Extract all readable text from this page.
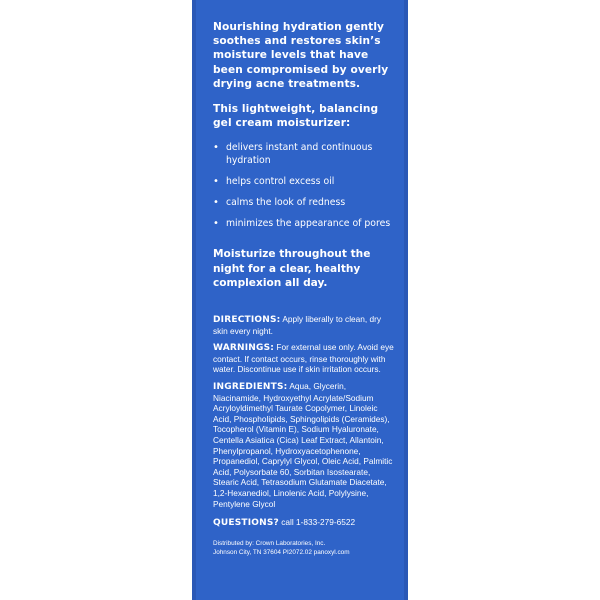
Nourishing hydration gently soothes and restores skin’s moisture levels that have been compromised by overly drying acne treatments.

This lightweight, balancing gel cream moisturizer:

• delivers instant and continuous hydration
• helps control excess oil
• calms the look of redness
• minimizes the appearance of pores

Moisturize throughout the night for a clear, healthy complexion all day.

DIRECTIONS: Apply liberally to clean, dry skin every night.

WARNINGS: For external use only. Avoid eye contact. If contact occurs, rinse thoroughly with water. Discontinue use if skin irritation occurs.

INGREDIENTS: Aqua, Glycerin, Niacinamide, Hydroxyethyl Acrylate/Sodium Acryloyldimethyl Taurate Copolymer, Linoleic Acid, Phospholipids, Sphingolipids (Ceramides), Tocopherol (Vitamin E), Sodium Hyaluronate, Centella Asiatica (Cica) Leaf Extract, Allantoin, Phenylpropanol, Hydroxyacetophenone, Propanediol, Caprylyl Glycol, Oleic Acid, Palmitic Acid, Polysorbate 60, Sorbitan Isostearate, Stearic Acid, Tetrasodium Glutamate Diacetate, 1,2-Hexanediol, Linolenic Acid, Polylysine, Pentylene Glycol

QUESTIONS? call 1-833-279-6522

Distributed by: Crown Laboratories, Inc.
Johnson City, TN 37604 PI2072.02 panoxyl.com
